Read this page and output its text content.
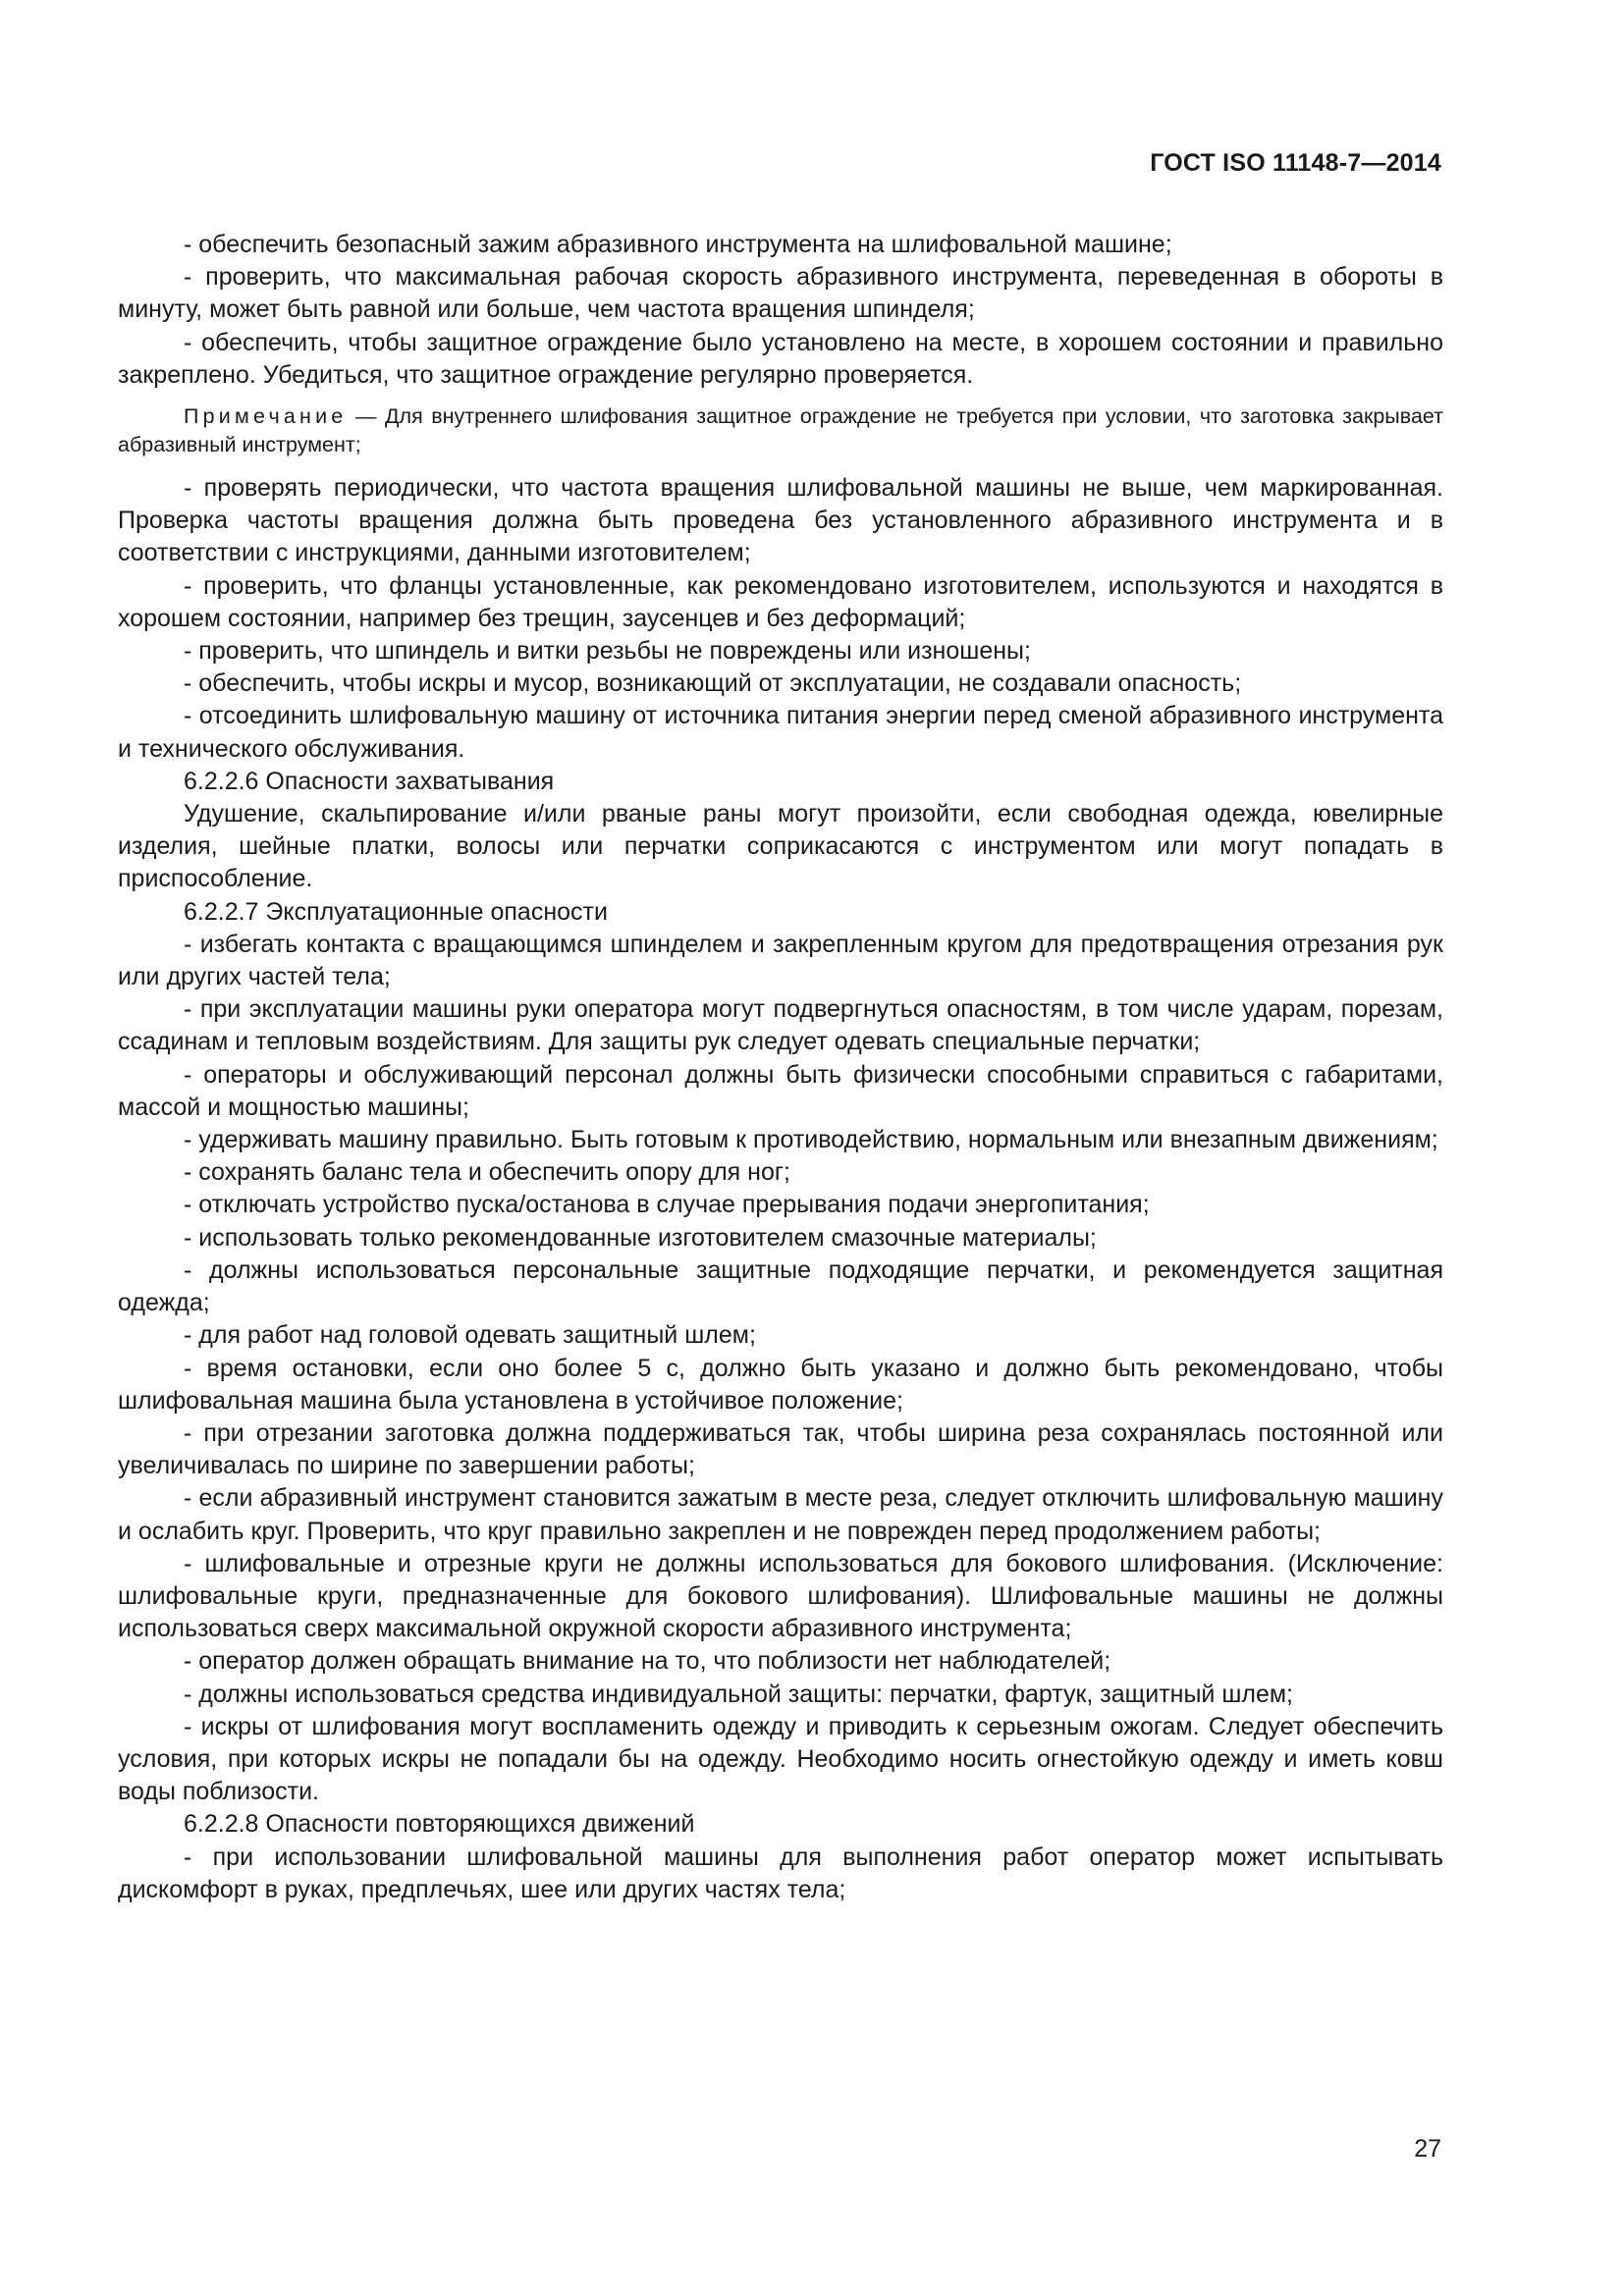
ГОСТ ISO 11148-7—2014

- обеспечить безопасный зажим абразивного инструмента на шлифовальной машине;

- проверить, что максимальная рабочая скорость абразивного инструмента, переведенная в обороты в минуту, может быть равной или больше, чем частота вращения шпинделя;

- обеспечить, чтобы защитное ограждение было установлено на месте, в хорошем состоянии и правильно закреплено. Убедиться, что защитное ограждение регулярно проверяется.

Примечание — Для внутреннего шлифования защитное ограждение не требуется при условии, что заготовка закрывает абразивный инструмент;

- проверять периодически, что частота вращения шлифовальной машины не выше, чем маркированная. Проверка частоты вращения должна быть проведена без установленного абразивного инструмента и в соответствии с инструкциями, данными изготовителем;

- проверить, что фланцы установленные, как рекомендовано изготовителем, используются и находятся в хорошем состоянии, например без трещин, заусенцев и без деформаций;

- проверить, что шпиндель и витки резьбы не повреждены или изношены;

- обеспечить, чтобы искры и мусор, возникающий от эксплуатации, не создавали опасность;

- отсоединить шлифовальную машину от источника питания энергии перед сменой абразивного инструмента и технического обслуживания.

6.2.2.6 Опасности захватывания

Удушение, скальпирование и/или рваные раны могут произойти, если свободная одежда, ювелирные изделия, шейные платки, волосы или перчатки соприкасаются с инструментом или могут попадать в приспособление.

6.2.2.7 Эксплуатационные опасности

- избегать контакта с вращающимся шпинделем и закрепленным кругом для предотвращения отрезания рук или других частей тела;

- при эксплуатации машины руки оператора могут подвергнуться опасностям, в том числе ударам, порезам, ссадинам и тепловым воздействиям. Для защиты рук следует одевать специальные перчатки;

- операторы и обслуживающий персонал должны быть физически способными справиться с габаритами, массой и мощностью машины;

- удерживать машину правильно. Быть готовым к противодействию, нормальным или внезапным движениям;

- сохранять баланс тела и обеспечить опору для ног;

- отключать устройство пуска/останова в случае прерывания подачи энергопитания;

- использовать только рекомендованные изготовителем смазочные материалы;

- должны использоваться персональные защитные подходящие перчатки, и рекомендуется защитная одежда;

- для работ над головой одевать защитный шлем;

- время остановки, если оно более 5 с, должно быть указано и должно быть рекомендовано, чтобы шлифовальная машина была установлена в устойчивое положение;

- при отрезании заготовка должна поддерживаться так, чтобы ширина реза сохранялась постоянной или увеличивалась по ширине по завершении работы;

- если абразивный инструмент становится зажатым в месте реза, следует отключить шлифовальную машину и ослабить круг. Проверить, что круг правильно закреплен и не поврежден перед продолжением работы;

- шлифовальные и отрезные круги не должны использоваться для бокового шлифования. (Исключение: шлифовальные круги, предназначенные для бокового шлифования). Шлифовальные машины не должны использоваться сверх максимальной окружной скорости абразивного инструмента;

- оператор должен обращать внимание на то, что поблизости нет наблюдателей;

- должны использоваться средства индивидуальной защиты: перчатки, фартук, защитный шлем;

- искры от шлифования могут воспламенить одежду и приводить к серьезным ожогам. Следует обеспечить условия, при которых искры не попадали бы на одежду. Необходимо носить огнестойкую одежду и иметь ковш воды поблизости.

6.2.2.8 Опасности повторяющихся движений

- при использовании шлифовальной машины для выполнения работ оператор может испытывать дискомфорт в руках, предплечьях, шее или других частях тела;

27
